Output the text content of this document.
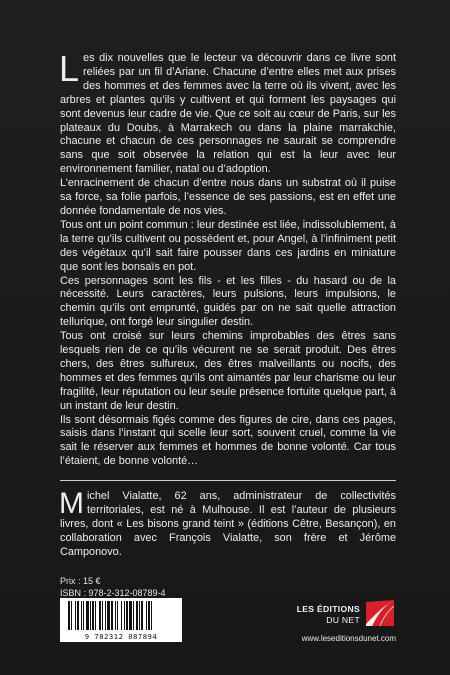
Les dix nouvelles que le lecteur va découvrir dans ce livre sont reliées par un fil d’Ariane. Chacune d’entre elles met aux prises des hommes et des femmes avec la terre où ils vivent, avec les arbres et plantes qu’ils y cultivent et qui forment les paysages qui sont devenus leur cadre de vie. Que ce soit au cœur de Paris, sur les plateaux du Doubs, à Marrakech ou dans la plaine marrakchie, chacune et chacun de ces personnages ne saurait se comprendre sans que soit observée la relation qui est la leur avec leur environnement familier, natal ou d’adoption.

L’enracinement de chacun d’entre nous dans un substrat où il puise sa force, sa folie parfois, l’essence de ses passions, est en effet une donnée fondamentale de nos vies.

Tous ont un point commun : leur destinée est liée, indissolublement, à la terre qu’ils cultivent ou possèdent et, pour Angel, à l’infiniment petit des végétaux qu’il sait faire pousser dans ces jardins en miniature que sont les bonsaïs en pot.

Ces personnages sont les fils - et les filles - du hasard ou de la nécessité. Leurs caractères, leurs pulsions, leurs impulsions, le chemin qu’ils ont emprunté, guidés par on ne sait quelle attraction tellurique, ont forgé leur singulier destin.

Tous ont croisé sur leurs chemins improbables des êtres sans lesquels rien de ce qu’ils vécurent ne se serait produit. Des êtres chers, des êtres sulfureux, des êtres malveillants ou nocifs, des hommes et des femmes qu’ils ont aimantés par leur charisme ou leur fragilité, leur réputation ou leur seule présence fortuite quelque part, à un instant de leur destin.

Ils sont désormais figés comme des figures de cire, dans ces pages, saisis dans l’instant qui scelle leur sort, souvent cruel, comme la vie sait le réserver aux femmes et hommes de bonne volonté. Car tous l’étaient, de bonne volonté…

Michel Vialatte, 62 ans, administrateur de collectivités territoriales, est né à Mulhouse. Il est l’auteur de plusieurs livres, dont « Les bisons grand teint » (éditions Cêtre, Besançon), en collaboration avec François Vialatte, son frère et Jérôme Camponovo.

Prix : 15 €
ISBN : 978-2-312-08789-4
9 782312 087894
LES ÉDITIONS
DU NET
www.leseditionsdunet.com
